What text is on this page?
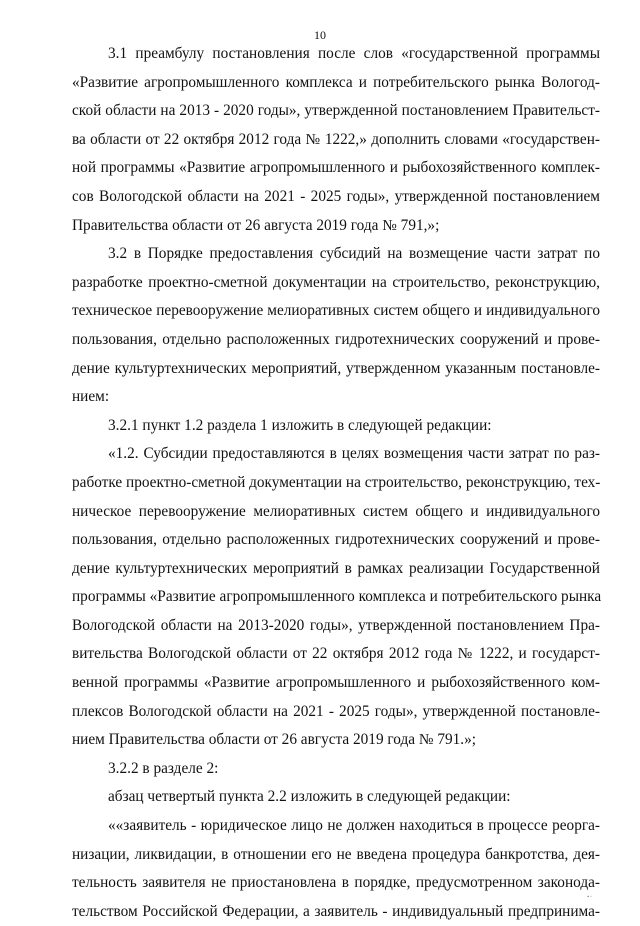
10
3.1 преамбулу постановления после слов «государственной программы
«Развитие агропромышленного комплекса и потребительского рынка Вологод-
ской области на 2013 - 2020 годы», утвержденной постановлением Правительст-
ва области от 22 октября 2012 года № 1222,» дополнить словами «государствен-
ной программы «Развитие агропромышленного и рыбохозяйственного комплек-
сов Вологодской области на 2021 - 2025 годы», утвержденной постановлением
Правительства области от 26 августа 2019 года № 791,»;
3.2 в Порядке предоставления субсидий на возмещение части затрат по
разработке проектно-сметной документации на строительство, реконструкцию,
техническое перевооружение мелиоративных систем общего и индивидуального
пользования, отдельно расположенных гидротехнических сооружений и прове-
дение культуртехнических мероприятий, утвержденном указанным постановле-
нием:
3.2.1 пункт 1.2 раздела 1 изложить в следующей редакции:
«1.2. Субсидии предоставляются в целях возмещения части затрат по раз-
работке проектно-сметной документации на строительство, реконструкцию, тех-
ническое перевооружение мелиоративных систем общего и индивидуального
пользования, отдельно расположенных гидротехнических сооружений и прове-
дение культуртехнических мероприятий в рамках реализации Государственной
программы «Развитие агропромышленного комплекса и потребительского рынка
Вологодской области на 2013-2020 годы», утвержденной постановлением Пра-
вительства Вологодской области от 22 октября 2012 года № 1222, и государст-
венной программы «Развитие агропромышленного и рыбохозяйственного ком-
плексов Вологодской области на 2021 - 2025 годы», утвержденной постановле-
нием Правительства области от 26 августа 2019 года № 791.»;
3.2.2 в разделе 2:
абзац четвертый пункта 2.2 изложить в следующей редакции:
««заявитель - юридическое лицо не должен находиться в процессе реорга-
низации, ликвидации, в отношении его не введена процедура банкротства, дея-
тельность заявителя не приостановлена в порядке, предусмотренном законода-
тельством Российской Федерации, а заявитель - индивидуальный предпринима-
▪ ▫
